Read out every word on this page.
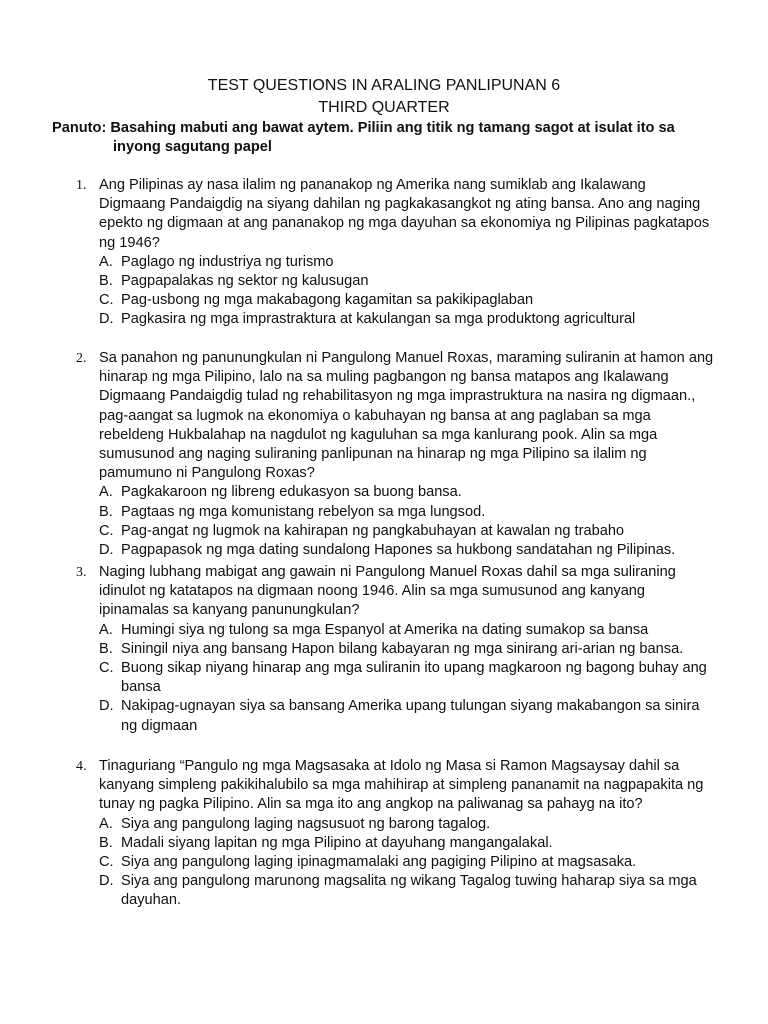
TEST QUESTIONS IN ARALING PANLIPUNAN 6
THIRD QUARTER
Panuto: Basahing mabuti ang bawat aytem. Piliin ang titik ng tamang sagot at isulat ito sa
inyong sagutang papel
1. Ang Pilipinas ay nasa ilalim ng pananakop ng Amerika nang sumiklab ang Ikalawang Digmaang Pandaigdig na siyang dahilan ng pagkakasangkot ng ating bansa. Ano ang naging epekto ng digmaan at ang pananakop ng mga dayuhan sa ekonomiya ng Pilipinas pagkatapos ng 1946?
A. Paglago ng industriya ng turismo
B. Pagpapalakas ng sektor ng kalusugan
C. Pag-usbong ng mga makabagong kagamitan sa pakikipaglaban
D. Pagkasira ng mga imprastraktura at kakulangan sa mga produktong agricultural
2. Sa panahon ng panunungkulan ni Pangulong Manuel Roxas, maraming suliranin at hamon ang hinarap ng mga Pilipino, lalo na sa muling pagbangon ng bansa matapos ang Ikalawang Digmaang Pandaigdig tulad ng rehabilitasyon ng mga imprastruktura na nasira ng digmaan., pag-aangat sa lugmok na ekonomiya o kabuhayan ng bansa at ang paglaban sa mga rebeldeng Hukbalahap na nagdulot ng kaguluhan sa mga kanlurang pook. Alin sa mga sumusunod ang naging suliraning panlipunan na hinarap ng mga Pilipino sa ilalim ng pamumuno ni Pangulong Roxas?
A. Pagkakaroon ng libreng edukasyon sa buong bansa.
B. Pagtaas ng mga komunistang rebelyon sa mga lungsod.
C. Pag-angat ng lugmok na kahirapan ng pangkabuhayan at kawalan ng trabaho
D. Pagpapasok ng mga dating sundalong Hapones sa hukbong sandatahan ng Pilipinas.
3. Naging lubhang mabigat ang gawain ni Pangulong Manuel Roxas dahil sa mga suliraning idinulot ng katatapos na digmaan noong 1946. Alin sa mga sumusunod ang kanyang ipinamalas sa kanyang panunungkulan?
A. Humingi siya ng tulong sa mga Espanyol at Amerika na dating sumakop sa bansa
B. Siningil niya ang bansang Hapon bilang kabayaran ng mga sinirang ari-arian ng bansa.
C. Buong sikap niyang hinarap ang mga suliranin ito upang magkaroon ng bagong buhay ang bansa
D. Nakipag-ugnayan siya sa bansang Amerika upang tulungan siyang makabangon sa sinira ng digmaan
4. Tinaguriang “Pangulo ng mga Magsasaka at Idolo ng Masa si Ramon Magsaysay dahil sa kanyang simpleng pakikihalubilo sa mga mahihirap at simpleng pananamit na nagpapakita ng tunay ng pagka Pilipino. Alin sa mga ito ang angkop na paliwanag sa pahayg na ito?
A. Siya ang pangulong laging nagsusuot ng barong tagalog.
B. Madali siyang lapitan ng mga Pilipino at dayuhang mangangalakal.
C. Siya ang pangulong laging ipinagmamalaki ang pagiging Pilipino at magsasaka.
D. Siya ang pangulong marunong magsalita ng wikang Tagalog tuwing haharap siya sa mga dayuhan.
